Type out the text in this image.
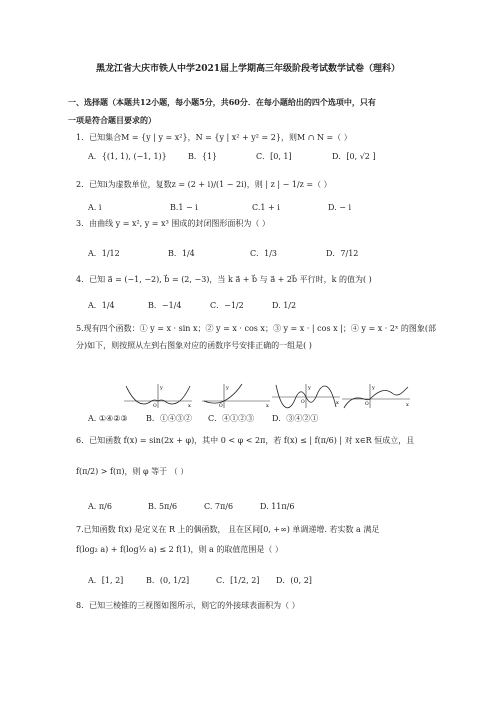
黑龙江省大庆市铁人中学2021届上学期高三年级阶段考试数学试卷（理科）
一、选择题（本题共12小题，每小题5分，共60分．在每小题给出的四个选项中，只有
一项是符合题目要求的）
1．已知集合M = {y | y = x²}，N = {y | x² + y² = 2}，则M ∩ N =（ ）
A．{(1, 1), (−1, 1)}	B．{1}	C．[0, 1]	D．[0, √2 ]
2．已知i为虚数单位，复数z = (2 + i)/(1 − 2i)，则 | z | − 1/z =（ ）
A. i	B.1 − i	C.1 + i	D. − i
3．由曲线 y = x², y = x³ 围成的封闭图形面积为（ ）
A．1/12	B．1/4	C．1/3	D．7/12
4．已知 a⃗ = (−1, −2), b⃗ = (2, −3)，当 k a⃗ + b⃗ 与 a⃗ + 2b⃗ 平行时，k 的值为( )
A．1/4	B．−1/4	C．−1/2	D. 1/2
5.现有四个函数：① y = x · sin x；② y = x · cos x；③ y = x · | cos x |；④ y = x · 2ˣ 的图象(部
分)如下，则按照从左到右图象对应的函数序号安排正确的一组是( )
y
x
O
y
x
O
y
x
O
y
x
O
A. ①④②③ B．①④③② C．④①②③ D．③④②①
6．已知函数 f(x) = sin(2x + φ)，其中 0 < φ < 2π，若 f(x) ≤ | f(π/6) | 对 x∈R 恒成立，且
f(π/2) > f(π)，则 φ 等于 （ ）
A. π/6	B. 5π/6	C. 7π/6	D. 11π/6
7.已知函数 f(x) 是定义在 R 上的偶函数， 且在区间[0, +∞) 单调递增. 若实数 a 满足
f(log₂ a) + f(log½ a) ≤ 2 f(1)，则 a 的取值范围是（ ）
A．[1, 2]	B．(0, 1/2]	C．[1/2, 2] D．(0, 2]
8．已知三棱锥的三视图如图所示，则它的外接球表面积为（ ）
